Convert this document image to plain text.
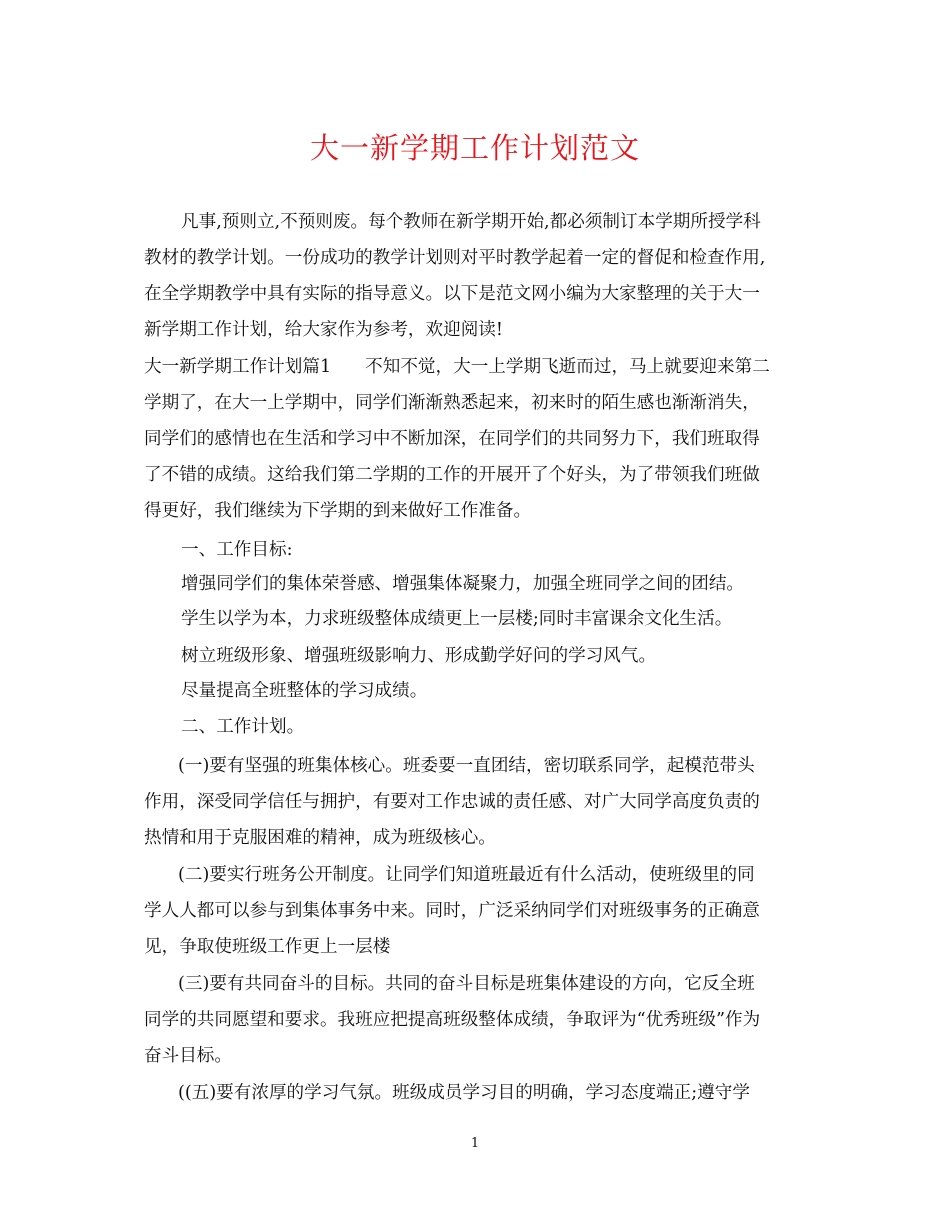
大一新学期工作计划范文
凡事,预则立,不预则废。每个教师在新学期开始,都必须制订本学期所授学科
教材的教学计划。一份成功的教学计划则对平时教学起着一定的督促和检查作用,
在全学期教学中具有实际的指导意义。以下是范文网小编为大家整理的关于大一
新学期工作计划，给大家作为参考，欢迎阅读!
大一新学期工作计划篇1 不知不觉，大一上学期飞逝而过，马上就要迎来第二
学期了，在大一上学期中，同学们渐渐熟悉起来，初来时的陌生感也渐渐消失，
同学们的感情也在生活和学习中不断加深，在同学们的共同努力下，我们班取得
了不错的成绩。这给我们第二学期的工作的开展开了个好头，为了带领我们班做
得更好，我们继续为下学期的到来做好工作准备。
一、工作目标:
增强同学们的集体荣誉感、增强集体凝聚力，加强全班同学之间的团结。
学生以学为本，力求班级整体成绩更上一层楼;同时丰富课余文化生活。
树立班级形象、增强班级影响力、形成勤学好问的学习风气。
尽量提高全班整体的学习成绩。
二、工作计划。
(一)要有坚强的班集体核心。班委要一直团结，密切联系同学，起模范带头
作用，深受同学信任与拥护，有要对工作忠诚的责任感、对广大同学高度负责的
热情和用于克服困难的精神，成为班级核心。
(二)要实行班务公开制度。让同学们知道班最近有什么活动，使班级里的同
学人人都可以参与到集体事务中来。同时，广泛采纳同学们对班级事务的正确意
见，争取使班级工作更上一层楼
(三)要有共同奋斗的目标。共同的奋斗目标是班集体建设的方向，它反全班
同学的共同愿望和要求。我班应把提高班级整体成绩，争取评为“优秀班级”作为
奋斗目标。
((五)要有浓厚的学习气氛。班级成员学习目的明确，学习态度端正;遵守学
1
